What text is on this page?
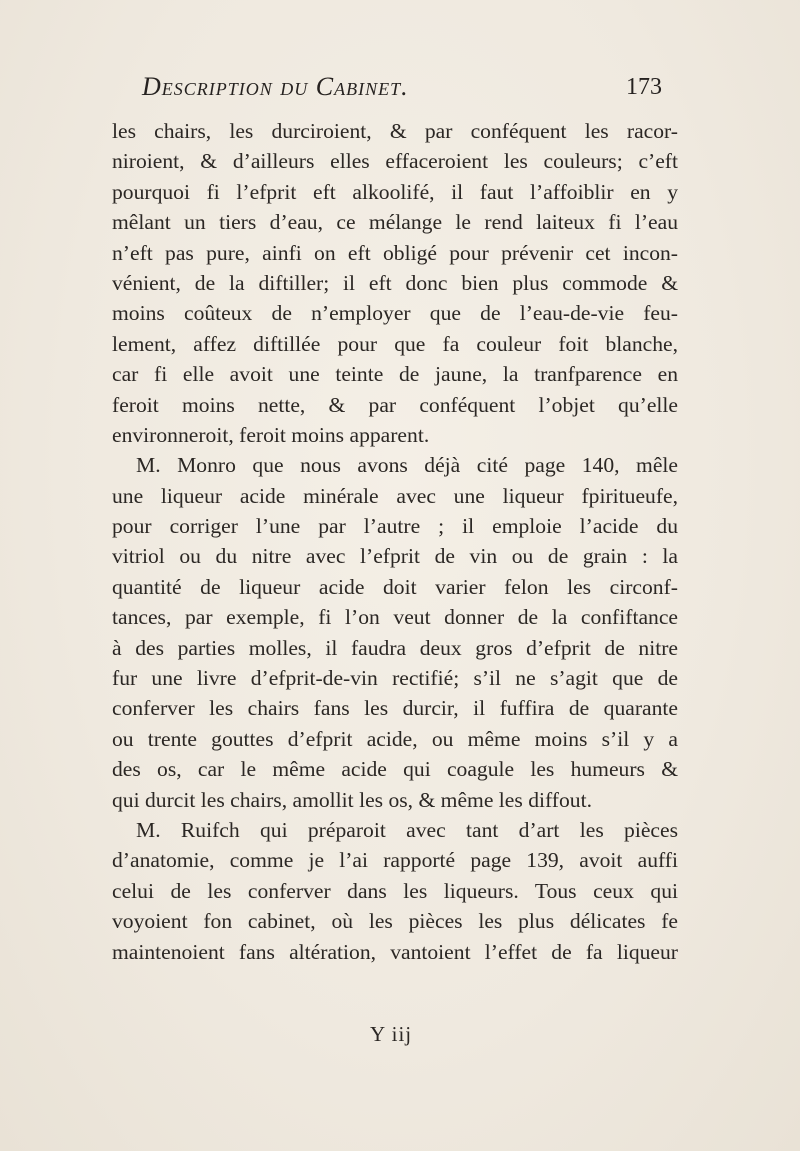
Description du Cabinet.	173
les chairs, les durciroient, & par conféquent les racor-
niroient, & d’ailleurs elles effaceroient les couleurs; c’eft
pourquoi fi l’efprit eft alkoolifé, il faut l’affoiblir en y
mêlant un tiers d’eau, ce mélange le rend laiteux fi l’eau
n’eft pas pure, ainfi on eft obligé pour prévenir cet incon-
vénient, de la diftiller; il eft donc bien plus commode &
moins coûteux de n’employer que de l’eau-de-vie feu-
lement, affez diftillée pour que fa couleur foit blanche,
car fi elle avoit une teinte de jaune, la tranfparence en
feroit moins nette, & par conféquent l’objet qu’elle
environneroit, feroit moins apparent.
M. Monro que nous avons déjà cité page 140, mêle
une liqueur acide minérale avec une liqueur fpiritueufe,
pour corriger l’une par l’autre ; il emploie l’acide du
vitriol ou du nitre avec l’efprit de vin ou de grain : la
quantité de liqueur acide doit varier felon les circonf-
tances, par exemple, fi l’on veut donner de la confiftance
à des parties molles, il faudra deux gros d’efprit de nitre
fur une livre d’efprit-de-vin rectifié; s’il ne s’agit que de
conferver les chairs fans les durcir, il fuffira de quarante
ou trente gouttes d’efprit acide, ou même moins s’il y a
des os, car le même acide qui coagule les humeurs &
qui durcit les chairs, amollit les os, & même les diffout.
M. Ruifch qui préparoit avec tant d’art les pièces
d’anatomie, comme je l’ai rapporté page 139, avoit auffi
celui de les conferver dans les liqueurs. Tous ceux qui
voyoient fon cabinet, où les pièces les plus délicates fe
maintenoient fans altération, vantoient l’effet de fa liqueur
Y iij
